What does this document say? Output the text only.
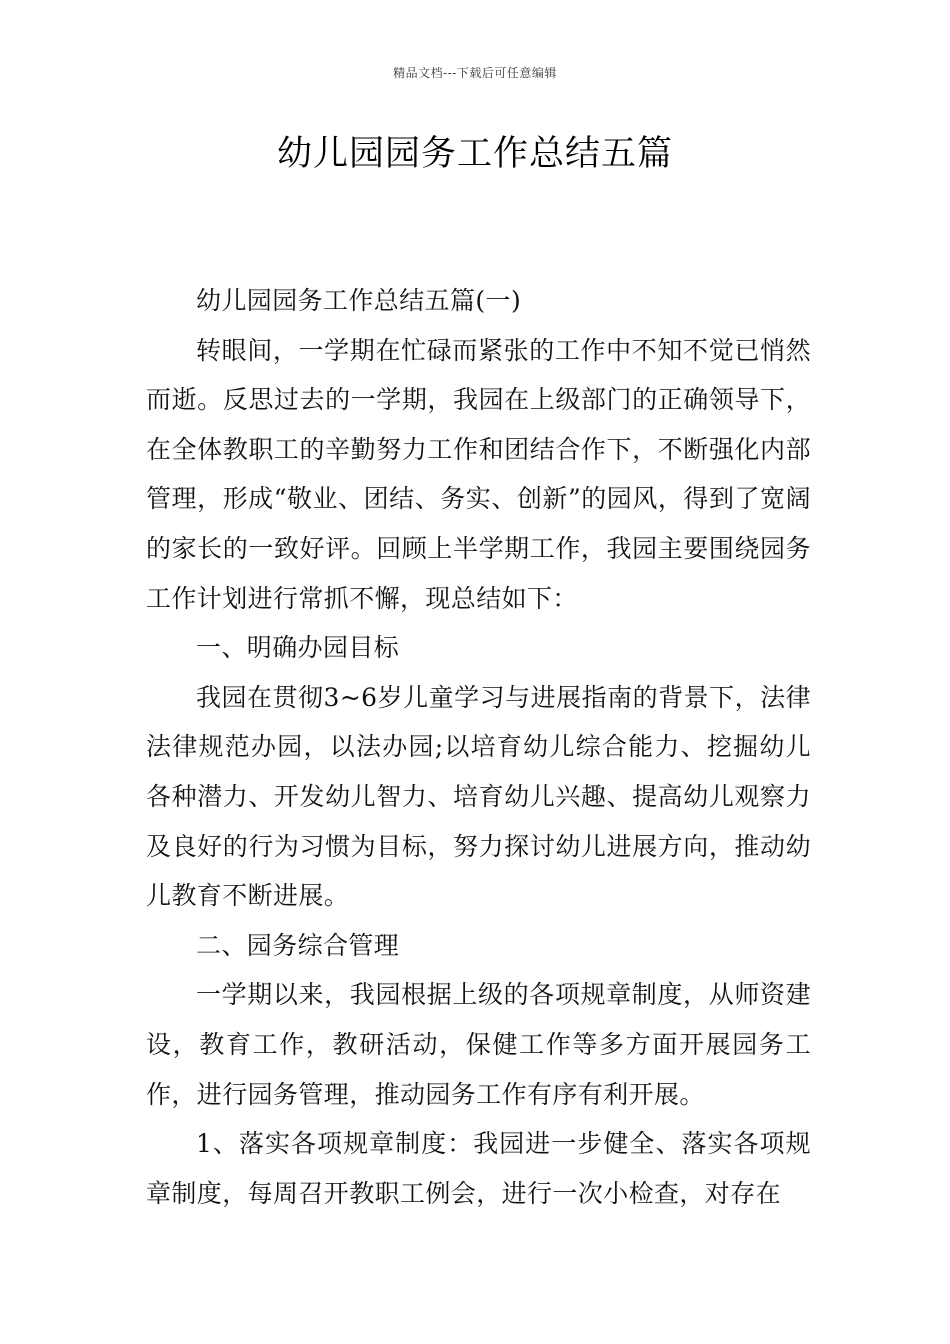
精品文档---下载后可任意编辑
幼儿园园务工作总结五篇

幼儿园园务工作总结五篇(一)

转眼间，一学期在忙碌而紧张的工作中不知不觉已悄然而逝。反思过去的一学期，我园在上级部门的正确领导下，在全体教职工的辛勤努力工作和团结合作下，不断强化内部管理，形成“敬业、团结、务实、创新”的园风，得到了宽阔的家长的一致好评。回顾上半学期工作，我园主要围绕园务工作计划进行常抓不懈，现总结如下：

一、明确办园目标

我园在贯彻3~6岁儿童学习与进展指南的背景下，法律法律规范办园，以法办园;以培育幼儿综合能力、挖掘幼儿各种潜力、开发幼儿智力、培育幼儿兴趣、提高幼儿观察力及良好的行为习惯为目标，努力探讨幼儿进展方向，推动幼儿教育不断进展。

二、园务综合管理

一学期以来，我园根据上级的各项规章制度，从师资建设，教育工作，教研活动，保健工作等多方面开展园务工作，进行园务管理，推动园务工作有序有利开展。

1、落实各项规章制度：我园进一步健全、落实各项规章制度，每周召开教职工例会，进行一次小检查，对存在
